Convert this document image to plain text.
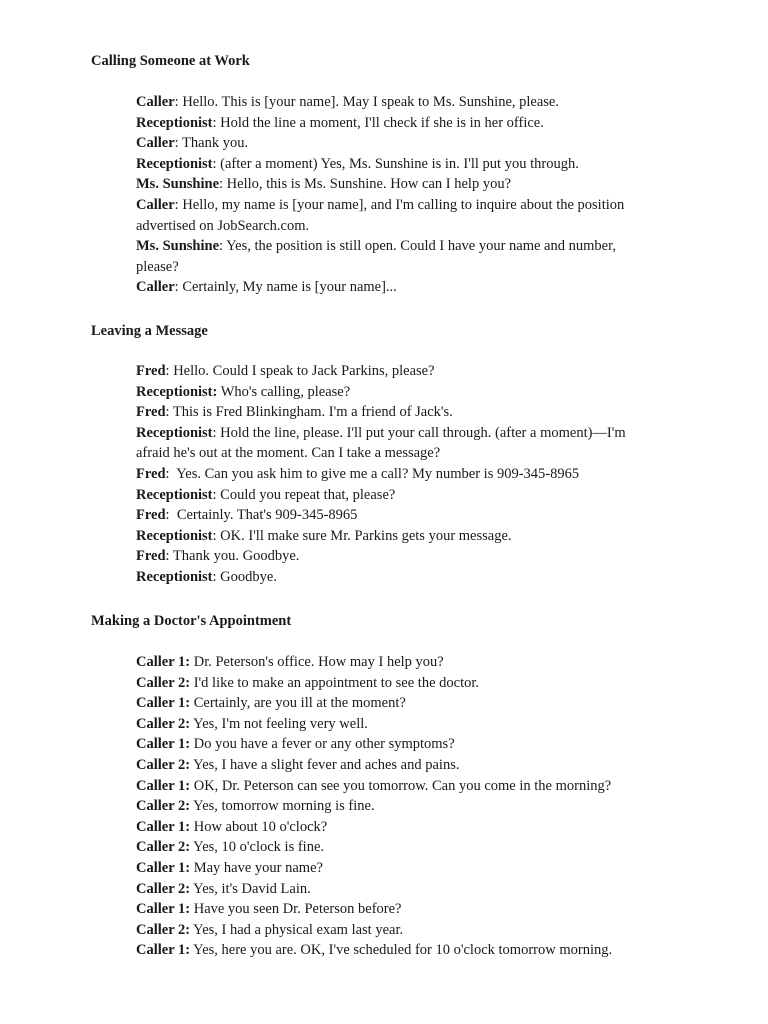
Calling Someone at Work

Caller: Hello. This is [your name]. May I speak to Ms. Sunshine, please.

Receptionist: Hold the line a moment, I'll check if she is in her office.

Caller: Thank you.

Receptionist: (after a moment) Yes, Ms. Sunshine is in. I'll put you through.

Ms. Sunshine: Hello, this is Ms. Sunshine. How can I help you?

Caller: Hello, my name is [your name], and I'm calling to inquire about the position advertised on JobSearch.com.

Ms. Sunshine: Yes, the position is still open. Could I have your name and number, please?

Caller: Certainly, My name is [your name]...

Leaving a Message

Fred: Hello. Could I speak to Jack Parkins, please?

Receptionist: Who's calling, please?

Fred: This is Fred Blinkingham. I'm a friend of Jack's.

Receptionist: Hold the line, please. I'll put your call through. (after a moment)—I'm afraid he's out at the moment. Can I take a message?

Fred:  Yes. Can you ask him to give me a call? My number is 909-345-8965

Receptionist: Could you repeat that, please?

Fred:  Certainly. That's 909-345-8965

Receptionist: OK. I'll make sure Mr. Parkins gets your message.

Fred: Thank you. Goodbye.

Receptionist: Goodbye.

Making a Doctor's Appointment

Caller 1: Dr. Peterson's office. How may I help you?

Caller 2: I'd like to make an appointment to see the doctor.

Caller 1: Certainly, are you ill at the moment?

Caller 2: Yes, I'm not feeling very well.

Caller 1: Do you have a fever or any other symptoms?

Caller 2: Yes, I have a slight fever and aches and pains.

Caller 1: OK, Dr. Peterson can see you tomorrow. Can you come in the morning?

Caller 2: Yes, tomorrow morning is fine.

Caller 1: How about 10 o'clock?

Caller 2: Yes, 10 o'clock is fine.

Caller 1: May have your name?

Caller 2: Yes, it's David Lain.

Caller 1: Have you seen Dr. Peterson before?

Caller 2: Yes, I had a physical exam last year.

Caller 1: Yes, here you are. OK, I've scheduled for 10 o'clock tomorrow morning.
